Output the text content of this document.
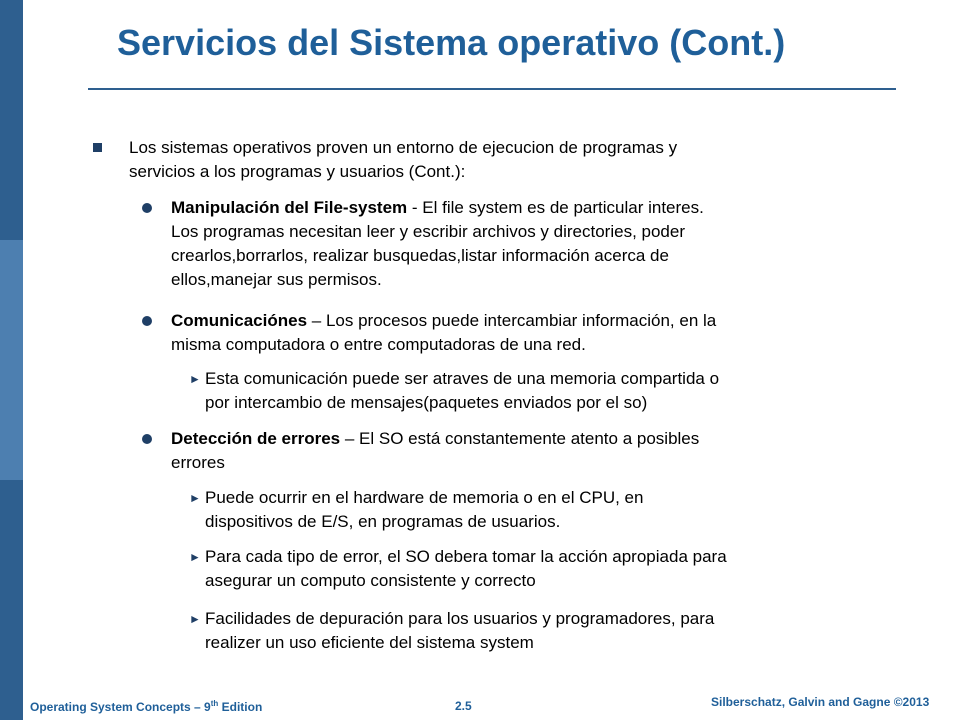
Servicios del Sistema operativo (Cont.)
Los sistemas operativos proven un entorno de ejecucion de programas y
servicios a los programas y usuarios (Cont.):
Manipulación del File-system - El file system es de particular interes.
Los programas necesitan leer y escribir archivos y directories, poder
crearlos,borrarlos, realizar busquedas,listar información acerca de
ellos,manejar sus permisos.
Comunicaciónes – Los procesos puede intercambiar información, en la
misma computadora o entre computadoras de una red.
► Esta comunicación puede ser atraves de una memoria compartida o
por intercambio de mensajes(paquetes enviados por el so)
Detección de errores – El SO está constantemente atento a posibles
errores
► Puede ocurrir en el hardware de memoria o en el CPU, en
dispositivos de E/S, en programas de usuarios.
► Para cada tipo de error, el SO debera tomar la acción apropiada para
asegurar un computo consistente y correcto
► Facilidades de depuración para los usuarios y programadores, para
realizer un uso eficiente del sistema system
Operating System Concepts – 9th Edition	2.5	Silberschatz, Galvin and Gagne ©2013
